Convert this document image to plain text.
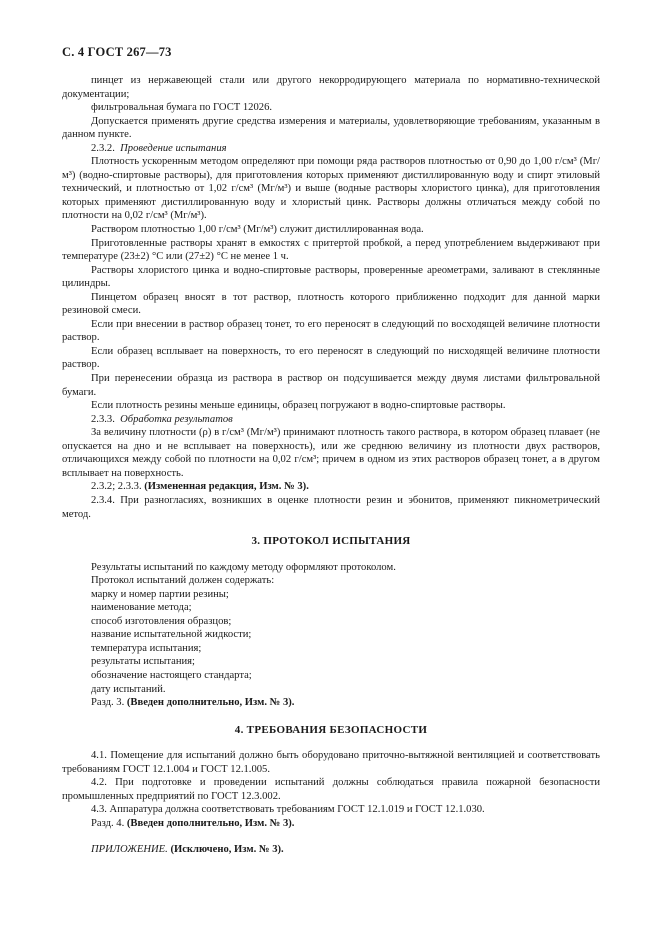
С. 4 ГОСТ 267—73

пинцет из нержавеющей стали или другого некорродирующего материала по нормативно-технической документации;

фильтровальная бумага по ГОСТ 12026.

Допускается применять другие средства измерения и материалы, удовлетворяющие требованиям, указанным в данном пункте.

2.3.2. Проведение испытания

Плотность ускоренным методом определяют при помощи ряда растворов плотностью от 0,90 до 1,00 г/см³ (Мг/м³) (водно-спиртовые растворы), для приготовления которых применяют дистиллированную воду и спирт этиловый технический, и плотностью от 1,02 г/см³ (Мг/м³) и выше (водные растворы хлористого цинка), для приготовления которых применяют дистиллированную воду и хлористый цинк. Растворы должны отличаться между собой по плотности на 0,02 г/см³ (Мг/м³).

Раствором плотностью 1,00 г/см³ (Мг/м³) служит дистиллированная вода.

Приготовленные растворы хранят в емкостях с притертой пробкой, а перед употреблением выдерживают при температуре (23±2) °С или (27±2) °С не менее 1 ч.

Растворы хлористого цинка и водно-спиртовые растворы, проверенные ареометрами, заливают в стеклянные цилиндры.

Пинцетом образец вносят в тот раствор, плотность которого приближенно подходит для данной марки резиновой смеси.

Если при внесении в раствор образец тонет, то его переносят в следующий по восходящей величине плотности раствор.

Если образец всплывает на поверхность, то его переносят в следующий по нисходящей величине плотности раствор.

При перенесении образца из раствора в раствор он подсушивается между двумя листами фильтровальной бумаги.

Если плотность резины меньше единицы, образец погружают в водно-спиртовые растворы.

2.3.3. Обработка результатов

За величину плотности (ρ) в г/см³ (Мг/м³) принимают плотность такого раствора, в котором образец плавает (не опускается на дно и не всплывает на поверхность), или же среднюю величину из плотности двух растворов, отличающихся между собой по плотности на 0,02 г/см³; причем в одном из этих растворов образец тонет, а в другом всплывает на поверхность.

2.3.2; 2.3.3. (Измененная редакция, Изм. № 3).

2.3.4. При разногласиях, возникших в оценке плотности резин и эбонитов, применяют пикнометрический метод.

3. ПРОТОКОЛ ИСПЫТАНИЯ

Результаты испытаний по каждому методу оформляют протоколом.

Протокол испытаний должен содержать:

марку и номер партии резины;

наименование метода;

способ изготовления образцов;

название испытательной жидкости;

температура испытания;

результаты испытания;

обозначение настоящего стандарта;

дату испытаний.

Разд. 3. (Введен дополнительно, Изм. № 3).

4. ТРЕБОВАНИЯ БЕЗОПАСНОСТИ

4.1. Помещение для испытаний должно быть оборудовано приточно-вытяжной вентиляцией и соответствовать требованиям ГОСТ 12.1.004 и ГОСТ 12.1.005.

4.2. При подготовке и проведении испытаний должны соблюдаться правила пожарной безопасности промышленных предприятий по ГОСТ 12.3.002.

4.3. Аппаратура должна соответствовать требованиям ГОСТ 12.1.019 и ГОСТ 12.1.030.

Разд. 4. (Введен дополнительно, Изм. № 3).

ПРИЛОЖЕНИЕ. (Исключено, Изм. № 3).
